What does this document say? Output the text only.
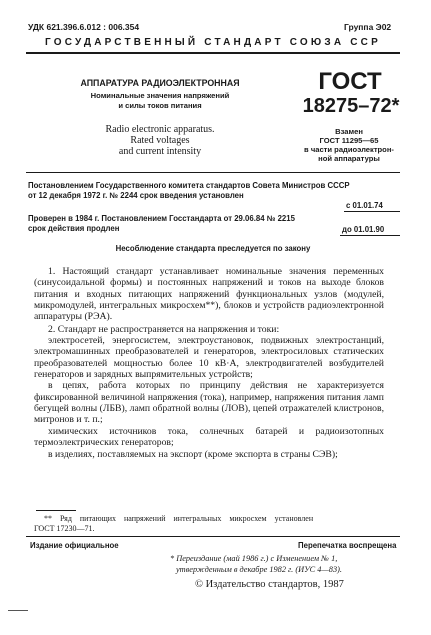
УДК 621.396.6.012 : 006.354	Группа Э02
ГОСУДАРСТВЕННЫЙ СТАНДАРТ СОЮЗА ССР
АППАРАТУРА РАДИОЭЛЕКТРОННАЯ
Номинальные значения напряжений
и силы токов питания
ГОСТ
18275–72*
Radio electronic apparatus.
Rated voltages
and current intensity
Взамен
ГОСТ 11295—65
в части радиоэлектрон-
ной аппаратуры
Постановлением Государственного комитета стандартов Совета Министров СССР
от 12 декабря 1972 г. № 2244 срок введения установлен
с 01.01.74
Проверен в 1984 г. Постановлением Госстандарта от 29.06.84 № 2215
срок действия продлен	до 01.01.90
Несоблюдение стандарта преследуется по закону

1. Настоящий стандарт устанавливает номинальные значения переменных (синусоидальной формы) и постоянных напряжений и токов на выходе блоков питания и входных питающих напряжений функциональных узлов (модулей, микромодулей, интегральных микросхем**), блоков и устройств радиоэлектронной аппаратуры (РЭА).

2. Стандарт не распространяется на напряжения и токи:

электросетей, энергосистем, электроустановок, подвижных электростанций, электромашинных преобразователей и генераторов, электросиловых статических преобразователей мощностью более 10 кВ·А, электродвигателей возбудителей генераторов и зарядных выпрямительных устройств;

в цепях, работа которых по принципу действия не характеризуется фиксированной величиной напряжения (тока), например, напряжения питания ламп бегущей волны (ЛБВ), ламп обратной волны (ЛОВ), цепей отражателей клистронов, митронов и т. п.;

химических источников тока, солнечных батарей и радиоизотопных термоэлектрических генераторов;

в изделиях, поставляемых на экспорт (кроме экспорта в страны СЭВ);

** Ряд питающих напряжений интегральных микросхем установлен
ГОСТ 17230—71.
Издание официальное	Перепечатка воспрещена
* Переиздание (май 1986 г.) с Изменением № 1,
утвержденным в декабре 1982 г. (ИУС 4—83).
© Издательство стандартов, 1987
